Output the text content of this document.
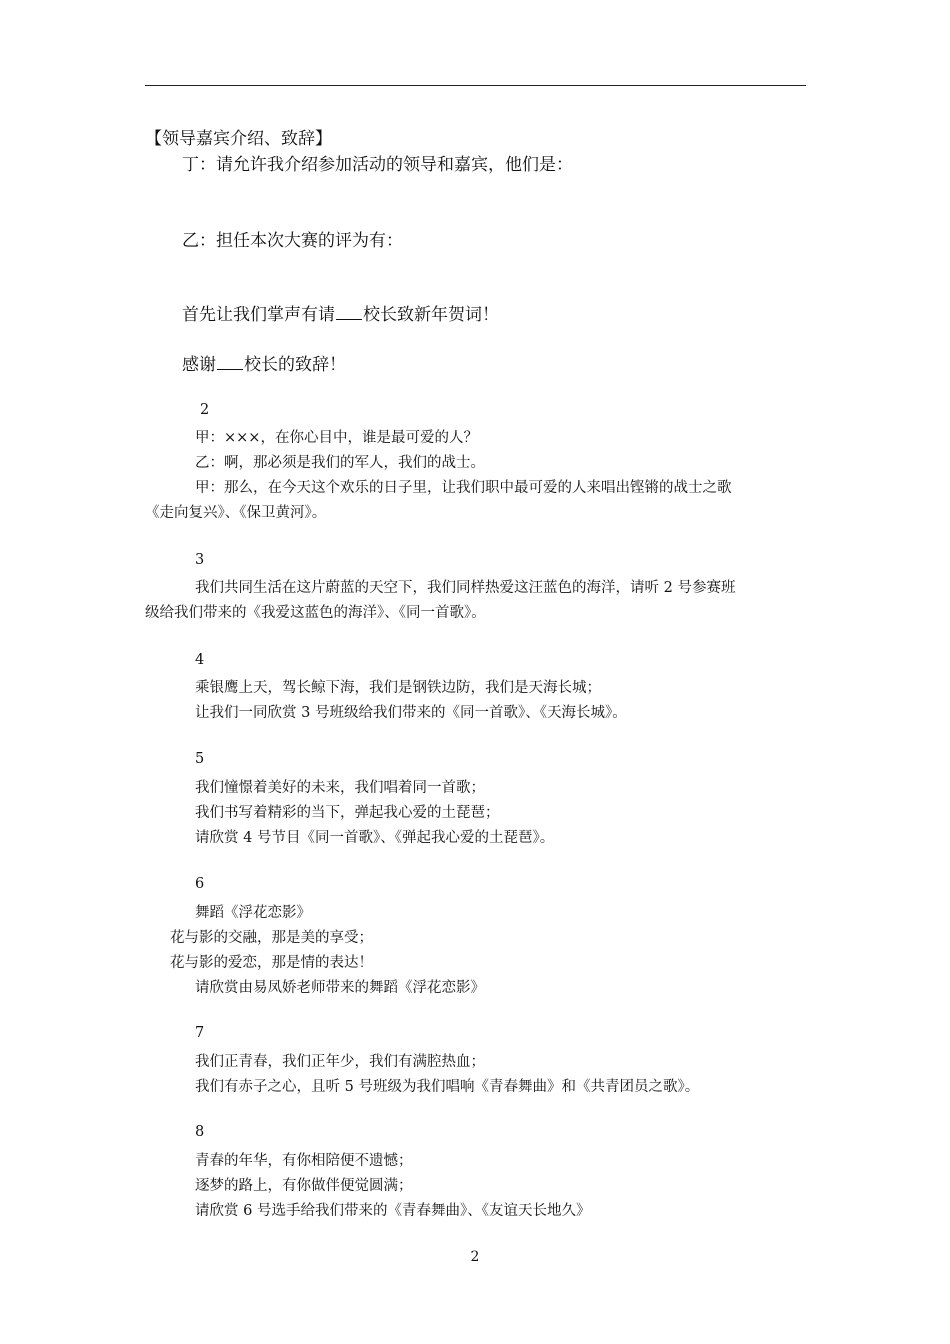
【领导嘉宾介绍、致辞】
丁：请允许我介绍参加活动的领导和嘉宾，他们是：
乙：担任本次大赛的评为有：
首先让我们掌声有请 校长致新年贺词！
感谢 校长的致辞！
2
甲：×××，在你心目中，谁是最可爱的人？
乙：啊，那必须是我们的军人，我们的战士。
甲：那么，在今天这个欢乐的日子里，让我们职中最可爱的人来唱出铿锵的战士之歌
《走向复兴》、《保卫黄河》。
3
我们共同生活在这片蔚蓝的天空下，我们同样热爱这汪蓝色的海洋，请听 2 号参赛班
级给我们带来的《我爱这蓝色的海洋》、《同一首歌》。
4
乘银鹰上天，驾长鲸下海，我们是钢铁边防，我们是天海长城；
让我们一同欣赏 3 号班级给我们带来的《同一首歌》、《天海长城》。
5
我们憧憬着美好的未来，我们唱着同一首歌；
我们书写着精彩的当下，弹起我心爱的土琵琶；
请欣赏 4 号节目《同一首歌》、《弹起我心爱的土琵琶》。
6
舞蹈《浮花恋影》
花与影的交融，那是美的享受；
花与影的爱恋，那是情的表达！
请欣赏由易凤娇老师带来的舞蹈《浮花恋影》
7
我们正青春，我们正年少，我们有满腔热血；
我们有赤子之心，且听 5 号班级为我们唱响《青春舞曲》和《共青团员之歌》。
8
青春的年华，有你相陪便不遗憾；
逐梦的路上，有你做伴便觉圆满；
请欣赏 6 号选手给我们带来的《青春舞曲》、《友谊天长地久》
2
